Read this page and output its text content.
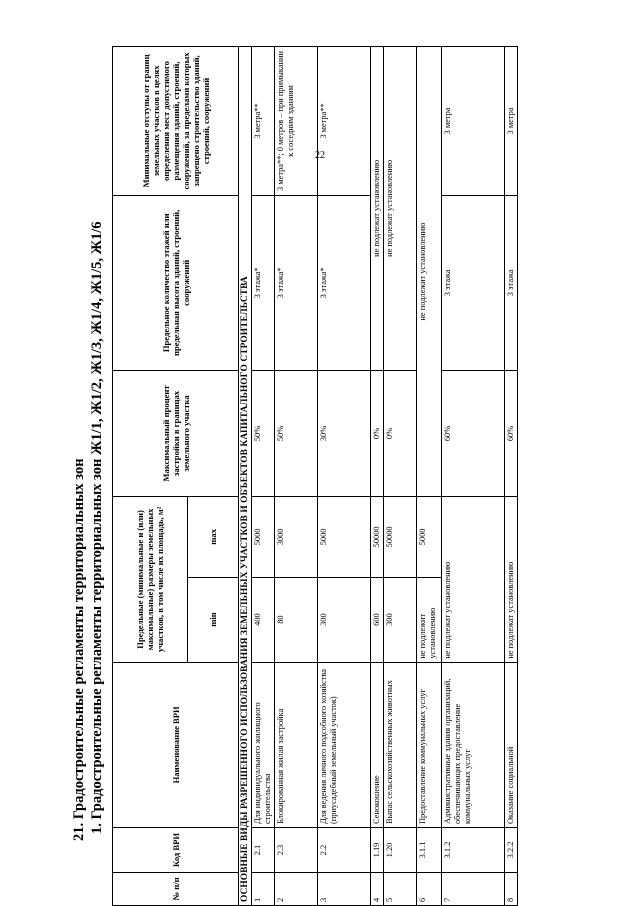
22
21. Градостроительные регламенты территориальных зон 1. Градостроительные регламенты территориальных зон Ж1/1, Ж1/2, Ж1/3, Ж1/4, Ж1/5, Ж1/6
№ п/п	Код ВРИ	Наименование ВРИ	Предельные (минимальные и (или) максимальные) размеры земельных участков, в том числе их площадь, м²		Максимальный процент застройки в границах земельного участка	Предельное количество этажей или предельная высота зданий, строений, сооружений	Минимальные отступы от границ земельных участков в целях определения мест допустимого размещения зданий, строений, сооружений, за пределами которых запрещено строительство зданий, строений, сооружений
			min	max			
ОСНОВНЫЕ ВИДЫ РАЗРЕШЕННОГО ИСПОЛЬЗОВАНИЯ ЗЕМЕЛЬНЫХ УЧАСТКОВ И ОБЪЕКТОВ КАПИТАЛЬНОГО СТРОИТЕЛЬСТВА							
1	2.1	Для индивидуального жилищного строительства	400	5000	50%	3 этажа*	3 метра**
2	2.3	Блокированная жилая застройка	80	3000	50%	3 этажа*	3 метра**; 0 метров – при примыкании к соседним зданиям
3	2.2	Для ведения личного подсобного хозяйства (приусадебный земельный участок)	300	5000	30%	3 этажа*	3 метра**
4	1.19	Сенокошение	600	50000	0%	не подлежат установлению	
5	1.20	Выпас сельскохозяйственных животных	300	50000	0%	не подлежат установлению	
6	3.1.1	Предоставление коммунальных услуг	не подлежит установлению	5000	не подлежит установлению		
7	3.1.2	Административные здания организаций, обеспечивающих предоставление коммунальных услуг	не подлежат установлению		60%	3 этажа	3 метра
8	3.2.2	Оказание социальной	не подлежат установлению		60%	3 этажа	3 метра
